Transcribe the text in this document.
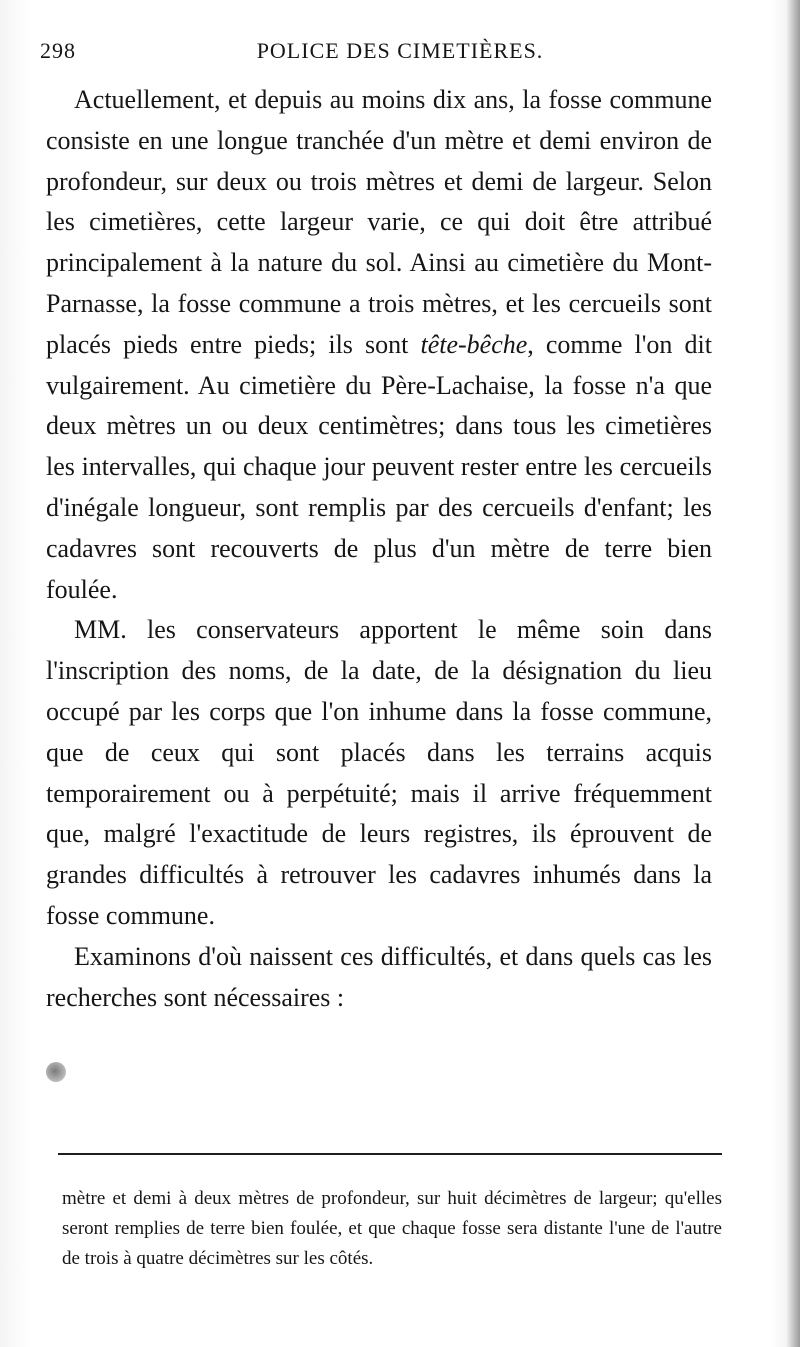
298	POLICE DES CIMETIÈRES.

Actuellement, et depuis au moins dix ans, la fosse commune consiste en une longue tranchée d'un mètre et demi environ de profondeur, sur deux ou trois mètres et demi de largeur. Selon les cimetières, cette largeur varie, ce qui doit être attribué principalement à la nature du sol. Ainsi au cimetière du Mont-Parnasse, la fosse commune a trois mètres, et les cercueils sont placés pieds entre pieds; ils sont tête-bêche, comme l'on dit vulgairement. Au cimetière du Père-Lachaise, la fosse n'a que deux mètres un ou deux centimètres; dans tous les cimetières les intervalles, qui chaque jour peuvent rester entre les cercueils d'inégale longueur, sont remplis par des cercueils d'enfant; les cadavres sont recouverts de plus d'un mètre de terre bien foulée.

MM. les conservateurs apportent le même soin dans l'inscription des noms, de la date, de la désignation du lieu occupé par les corps que l'on inhume dans la fosse commune, que de ceux qui sont placés dans les terrains acquis temporairement ou à perpétuité; mais il arrive fréquemment que, malgré l'exactitude de leurs registres, ils éprouvent de grandes difficultés à retrouver les cadavres inhumés dans la fosse commune.

Examinons d'où naissent ces difficultés, et dans quels cas les recherches sont nécessaires :

mètre et demi à deux mètres de profondeur, sur huit décimètres de largeur; qu'elles seront remplies de terre bien foulée, et que chaque fosse sera distante l'une de l'autre de trois à quatre décimètres sur les côtés.
